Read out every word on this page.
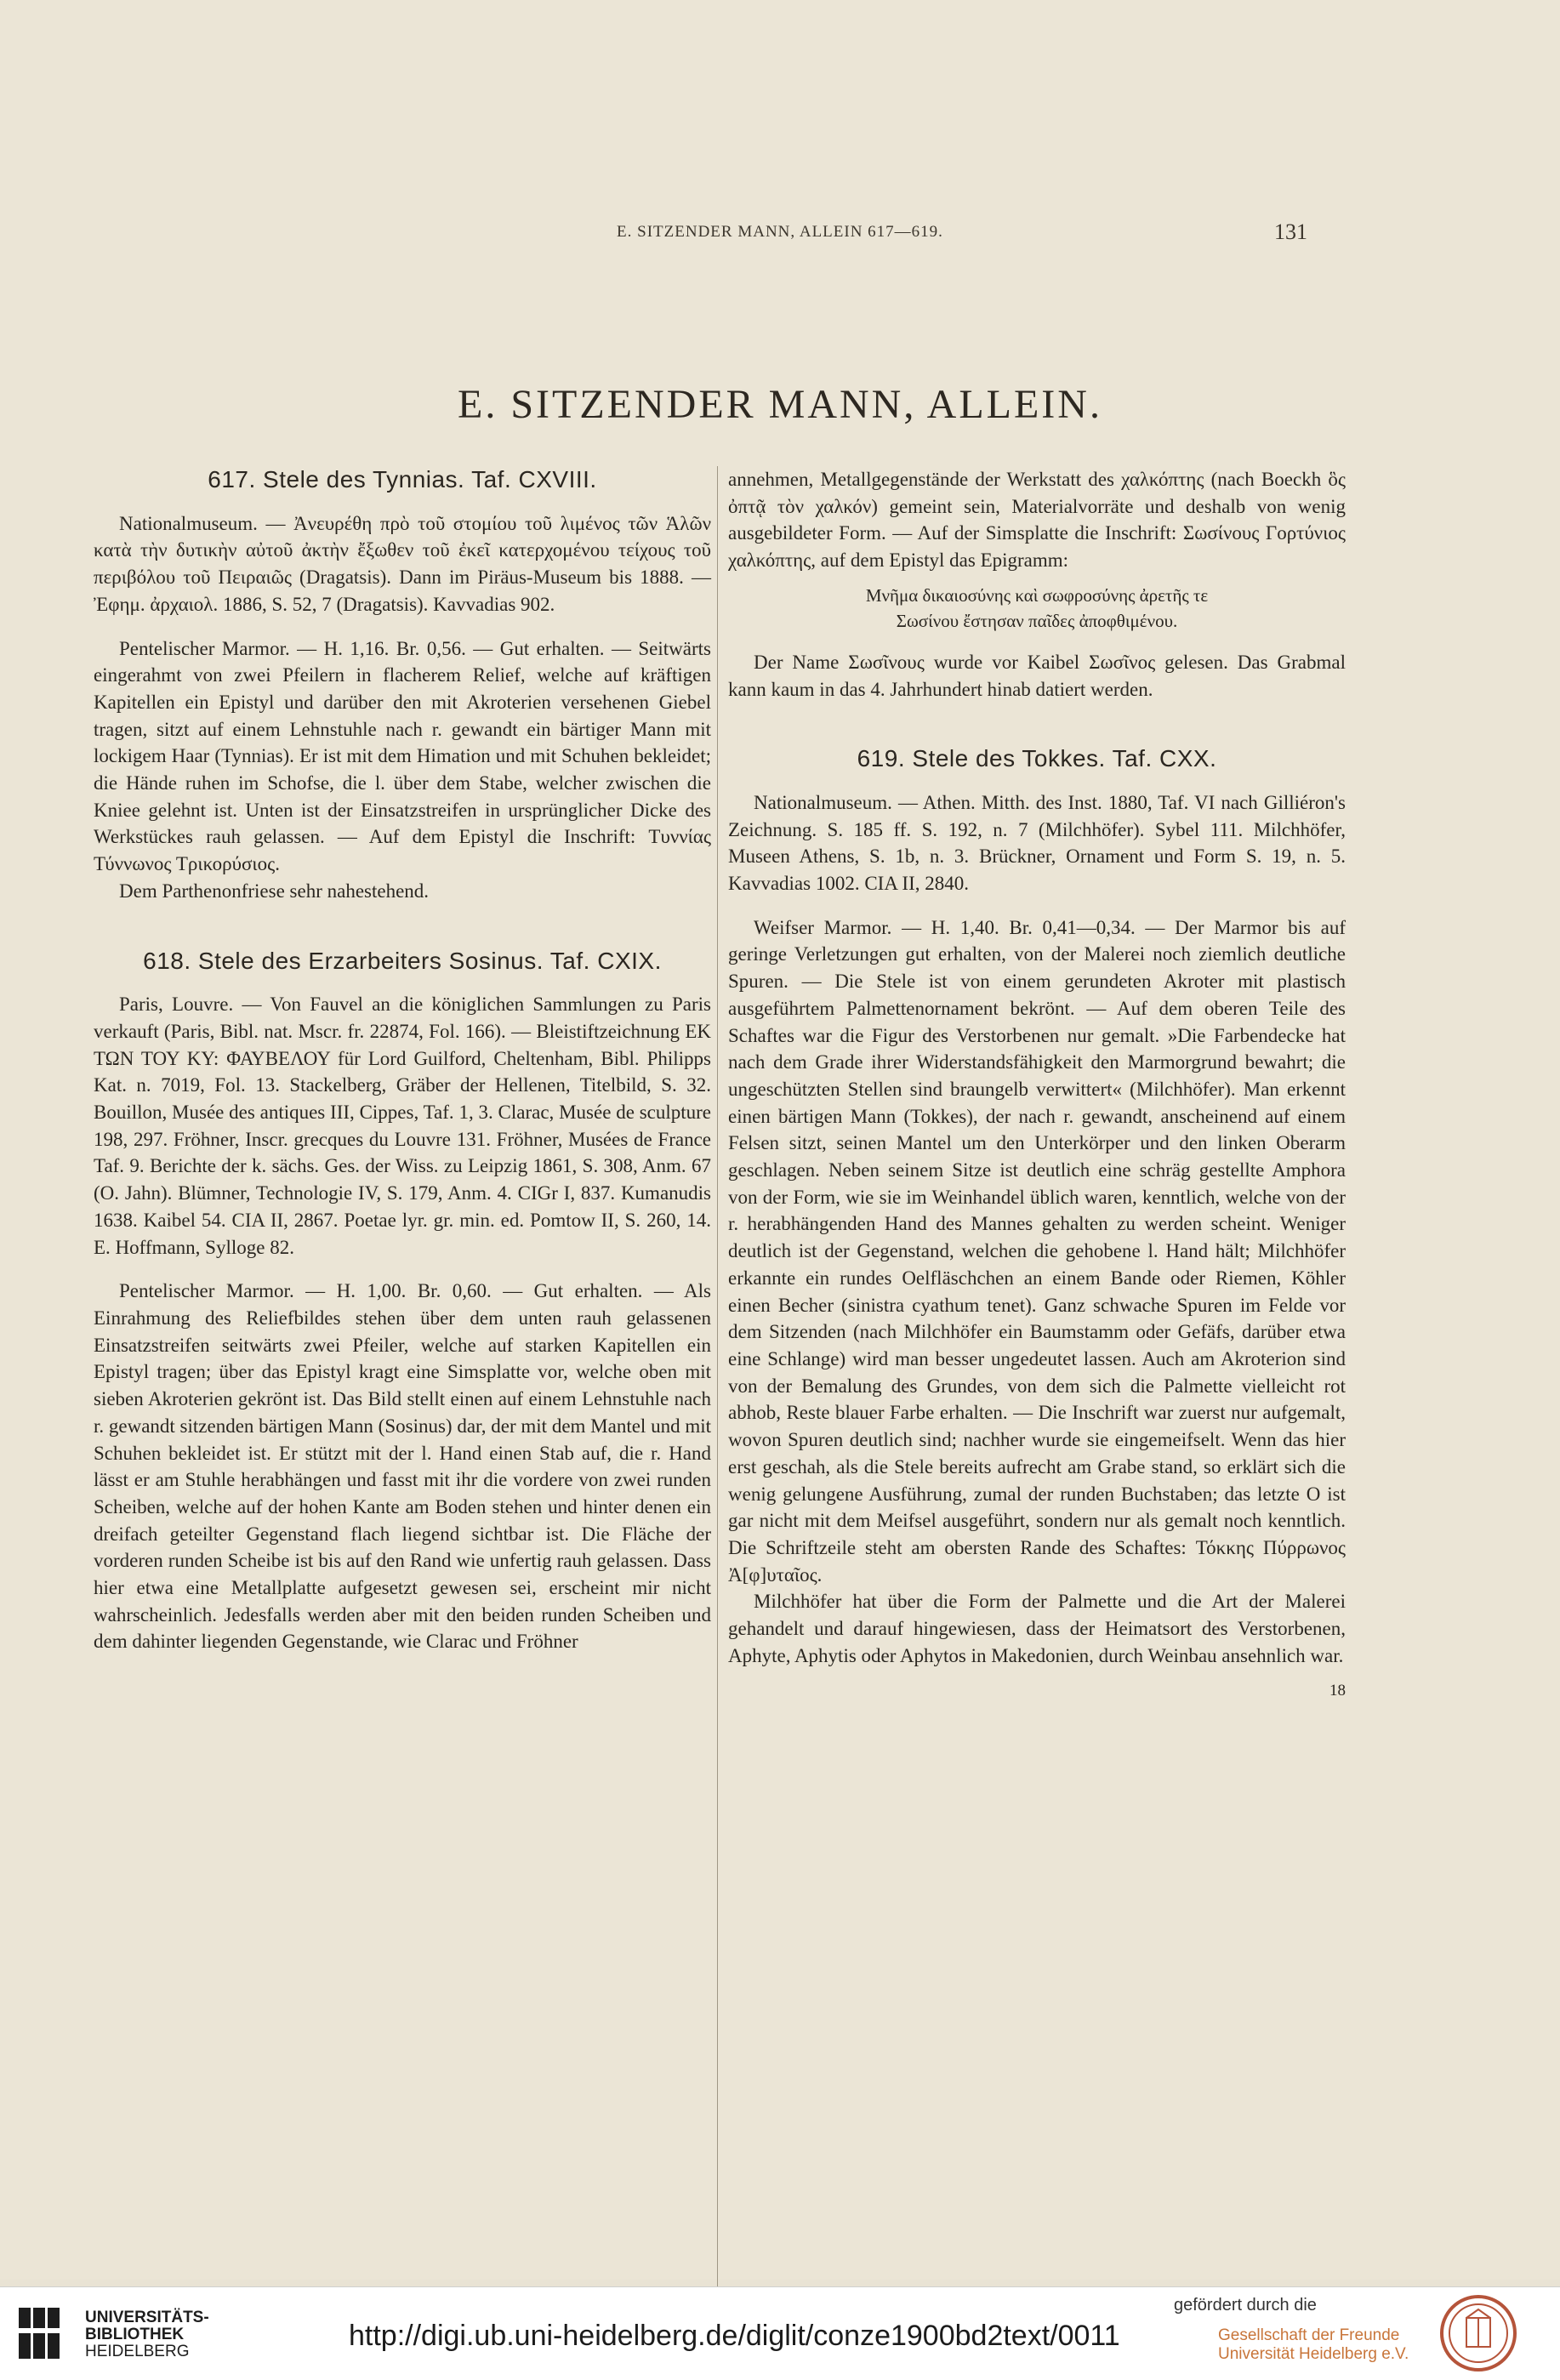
E. SITZENDER MANN, ALLEIN 617—619.	131
E. SITZENDER MANN, ALLEIN.
617. Stele des Tynnias. Taf. CXVIII.

Nationalmuseum. — Ἀνευρέθη πρὸ τοῦ στομίου τοῦ λιμένος τῶν Ἁλῶν κατὰ τὴν δυτικὴν αὐτοῦ ἀκτὴν ἔξωθεν τοῦ ἐκεῖ κατερχομένου τείχους τοῦ περιβόλου τοῦ Πειραιῶς (Dragatsis). Dann im Piräus-Museum bis 1888. — Ἐφημ. ἀρχαιολ. 1886, S. 52, 7 (Dragatsis). Kavvadias 902.

Pentelischer Marmor. — H. 1,16. Br. 0,56. — Gut erhalten. — Seitwärts eingerahmt von zwei Pfeilern in flacherem Relief, welche auf kräftigen Kapitellen ein Epistyl und darüber den mit Akroterien versehenen Giebel tragen, sitzt auf einem Lehnstuhle nach r. gewandt ein bärtiger Mann mit lockigem Haar (Tynnias). Er ist mit dem Himation und mit Schuhen bekleidet; die Hände ruhen im Schofse, die l. über dem Stabe, welcher zwischen die Kniee gelehnt ist. Unten ist der Einsatzstreifen in ursprünglicher Dicke des Werkstückes rauh gelassen. — Auf dem Epistyl die Inschrift: Τυννίας Τύννωνος Τρικορύσιος.

Dem Parthenonfriese sehr nahestehend.

618. Stele des Erzarbeiters Sosinus. Taf. CXIX.

Paris, Louvre. — Von Fauvel an die königlichen Sammlungen zu Paris verkauft (Paris, Bibl. nat. Mscr. fr. 22874, Fol. 166). — Bleistiftzeichnung ΕΚ ΤΩΝ ΤΟΥ ΚΥ: ΦΑΥΒΕΛΟΥ für Lord Guilford, Cheltenham, Bibl. Philipps Kat. n. 7019, Fol. 13. Stackelberg, Gräber der Hellenen, Titelbild, S. 32. Bouillon, Musée des antiques III, Cippes, Taf. 1, 3. Clarac, Musée de sculpture 198, 297. Fröhner, Inscr. grecques du Louvre 131. Fröhner, Musées de France Taf. 9. Berichte der k. sächs. Ges. der Wiss. zu Leipzig 1861, S. 308, Anm. 67 (O. Jahn). Blümner, Technologie IV, S. 179, Anm. 4. CIGr I, 837. Kumanudis 1638. Kaibel 54. CIA II, 2867. Poetae lyr. gr. min. ed. Pomtow II, S. 260, 14. E. Hoffmann, Sylloge 82.

Pentelischer Marmor. — H. 1,00. Br. 0,60. — Gut erhalten. — Als Einrahmung des Reliefbildes stehen über dem unten rauh gelassenen Einsatzstreifen seitwärts zwei Pfeiler, welche auf starken Kapitellen ein Epistyl tragen; über das Epistyl kragt eine Simsplatte vor, welche oben mit sieben Akroterien gekrönt ist. Das Bild stellt einen auf einem Lehnstuhle nach r. gewandt sitzenden bärtigen Mann (Sosinus) dar, der mit dem Mantel und mit Schuhen bekleidet ist. Er stützt mit der l. Hand einen Stab auf, die r. Hand lässt er am Stuhle herabhängen und fasst mit ihr die vordere von zwei runden Scheiben, welche auf der hohen Kante am Boden stehen und hinter denen ein dreifach geteilter Gegenstand flach liegend sichtbar ist. Die Fläche der vorderen runden Scheibe ist bis auf den Rand wie unfertig rauh gelassen. Dass hier etwa eine Metallplatte aufgesetzt gewesen sei, erscheint mir nicht wahrscheinlich. Jedesfalls werden aber mit den beiden runden Scheiben und dem dahinter liegenden Gegenstande, wie Clarac und Fröhner

annehmen, Metallgegenstände der Werkstatt des χαλκόπτης (nach Boeckh ὃς ὀπτᾷ τὸν χαλκόν) gemeint sein, Materialvorräte und deshalb von wenig ausgebildeter Form. — Auf der Simsplatte die Inschrift: Σωσίνους Γορτύνιος χαλκόπτης, auf dem Epistyl das Epigramm:

Μνῆμα δικαιοσύνης καὶ σωφροσύνης ἀρετῆς τε
Σωσίνου ἔστησαν παῖδες ἀποφθιμένου.

Der Name Σωσῖνους wurde vor Kaibel Σωσῖνος gelesen. Das Grabmal kann kaum in das 4. Jahrhundert hinab datiert werden.

619. Stele des Tokkes. Taf. CXX.

Nationalmuseum. — Athen. Mitth. des Inst. 1880, Taf. VI nach Gilliéron's Zeichnung. S. 185 ff. S. 192, n. 7 (Milchhöfer). Sybel 111. Milchhöfer, Museen Athens, S. 1b, n. 3. Brückner, Ornament und Form S. 19, n. 5. Kavvadias 1002. CIA II, 2840.

Weifser Marmor. — H. 1,40. Br. 0,41—0,34. — Der Marmor bis auf geringe Verletzungen gut erhalten, von der Malerei noch ziemlich deutliche Spuren. — Die Stele ist von einem gerundeten Akroter mit plastisch ausgeführtem Palmettenornament bekrönt. — Auf dem oberen Teile des Schaftes war die Figur des Verstorbenen nur gemalt. »Die Farbendecke hat nach dem Grade ihrer Widerstandsfähigkeit den Marmorgrund bewahrt; die ungeschützten Stellen sind braungelb verwittert« (Milchhöfer). Man erkennt einen bärtigen Mann (Tokkes), der nach r. gewandt, anscheinend auf einem Felsen sitzt, seinen Mantel um den Unterkörper und den linken Oberarm geschlagen. Neben seinem Sitze ist deutlich eine schräg gestellte Amphora von der Form, wie sie im Weinhandel üblich waren, kenntlich, welche von der r. herabhängenden Hand des Mannes gehalten zu werden scheint. Weniger deutlich ist der Gegenstand, welchen die gehobene l. Hand hält; Milchhöfer erkannte ein rundes Oelfläschchen an einem Bande oder Riemen, Köhler einen Becher (sinistra cyathum tenet). Ganz schwache Spuren im Felde vor dem Sitzenden (nach Milchhöfer ein Baumstamm oder Gefäfs, darüber etwa eine Schlange) wird man besser ungedeutet lassen. Auch am Akroterion sind von der Bemalung des Grundes, von dem sich die Palmette vielleicht rot abhob, Reste blauer Farbe erhalten. — Die Inschrift war zuerst nur aufgemalt, wovon Spuren deutlich sind; nachher wurde sie eingemeifselt. Wenn das hier erst geschah, als die Stele bereits aufrecht am Grabe stand, so erklärt sich die wenig gelungene Ausführung, zumal der runden Buchstaben; das letzte O ist gar nicht mit dem Meifsel ausgeführt, sondern nur als gemalt noch kenntlich. Die Schriftzeile steht am obersten Rande des Schaftes: Τόκκης Πύρρωνος Ἀ[φ]υταῖος.

Milchhöfer hat über die Form der Palmette und die Art der Malerei gehandelt und darauf hingewiesen, dass der Heimatsort des Verstorbenen, Aphyte, Aphytis oder Aphytos in Makedonien, durch Weinbau ansehnlich war.

18
UNIVERSITÄTS-
BIBLIOTHEK
HEIDELBERG	http://digi.ub.uni-heidelberg.de/diglit/conze1900bd2text/0011
gefördert durch die
Gesellschaft der Freunde
Universität Heidelberg e.V.
